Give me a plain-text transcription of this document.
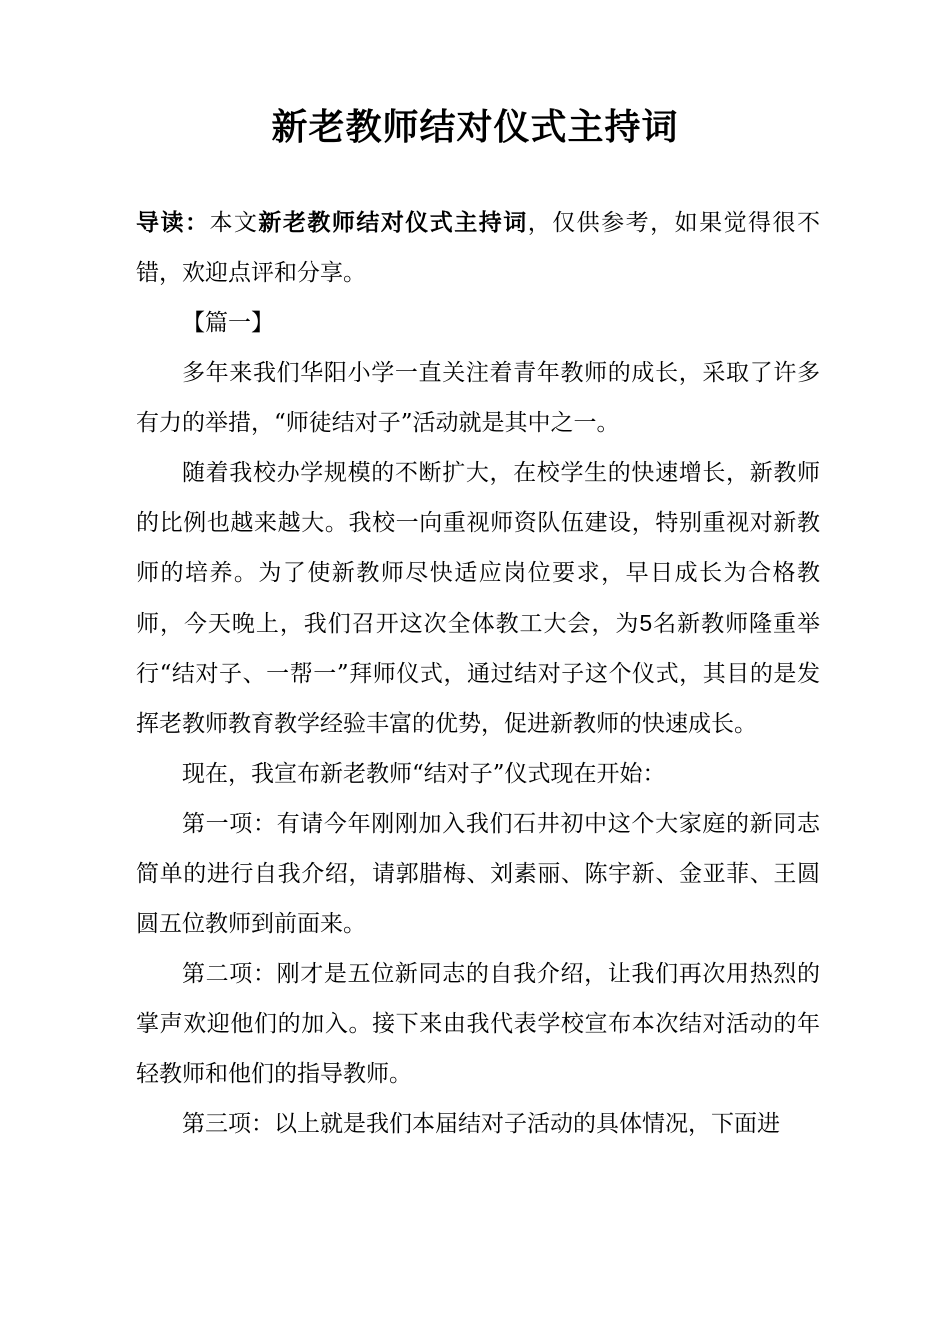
新老教师结对仪式主持词

导读：本文新老教师结对仪式主持词，仅供参考，如果觉得很不错，欢迎点评和分享。

【篇一】

多年来我们华阳小学一直关注着青年教师的成长，采取了许多有力的举措，“师徒结对子”活动就是其中之一。

随着我校办学规模的不断扩大，在校学生的快速增长，新教师的比例也越来越大。我校一向重视师资队伍建设，特别重视对新教师的培养。为了使新教师尽快适应岗位要求，早日成长为合格教师，今天晚上，我们召开这次全体教工大会，为5名新教师隆重举行“结对子、一帮一”拜师仪式，通过结对子这个仪式，其目的是发挥老教师教育教学经验丰富的优势，促进新教师的快速成长。

现在，我宣布新老教师“结对子”仪式现在开始：

第一项：有请今年刚刚加入我们石井初中这个大家庭的新同志简单的进行自我介绍，请郭腊梅、刘素丽、陈宇新、金亚菲、王圆圆五位教师到前面来。

第二项：刚才是五位新同志的自我介绍，让我们再次用热烈的掌声欢迎他们的加入。接下来由我代表学校宣布本次结对活动的年轻教师和他们的指导教师。

第三项：以上就是我们本届结对子活动的具体情况，下面进
